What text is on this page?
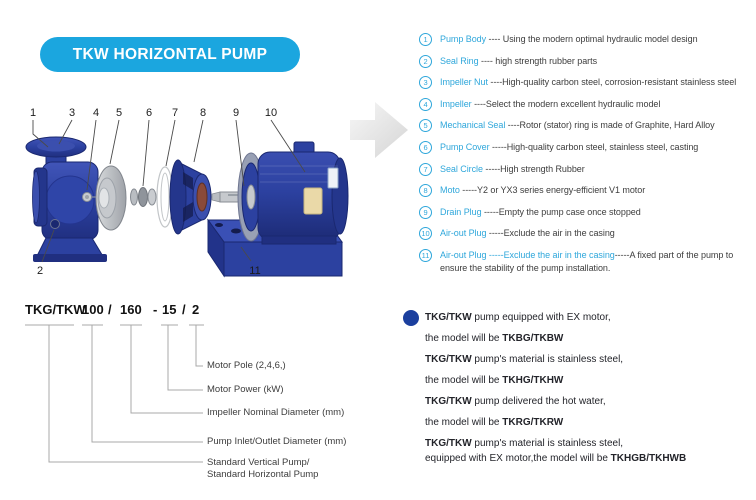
TKW HORIZONTAL PUMP
1	3 4 5 6 7 8 9 10
2	11
1	Pump Body ---- Using the modern optimal hydraulic model design
2	Seal Ring ---- high strength rubber parts
3	Impeller Nut ----High-quality carbon steel, corrosion-resistant stainless steel
4	Impeller ----Select the modern excellent hydraulic model
5	Mechanical Seal ----Rotor (stator) ring is made of Graphite, Hard Alloy
6	Pump Cover -----High-quality carbon steel, stainless steel, casting
7	Seal Circle -----High strength Rubber
8	Moto -----Y2 or YX3 series energy-efficient V1 motor
9	Drain Plug -----Empty the pump case once stopped
10 Air-out Plug -----Exclude the air in the casing
11 Air-out Plug -----Exclude the air in the casing-----A fixed part of the pump to ensure the stability of the pump installation.
TKG/TKW
100 / 160 - 15 / 2
Motor Pole (2,4,6,)
Motor Power (kW)
Impeller Nominal Diameter (mm)
Pump Inlet/Outlet Diameter (mm)
Standard Vertical Pump/
Standard Horizontal Pump

TKG/TKW pump equipped with EX motor,
the model will be TKBG/TKBW

TKG/TKW pump's material is stainless steel,
the model will be TKHG/TKHW

TKG/TKW pump delivered the hot water,
the model will be TKRG/TKRW

TKG/TKW pump's material is stainless steel,
equipped with EX motor,the model will be TKHGB/TKHWB
